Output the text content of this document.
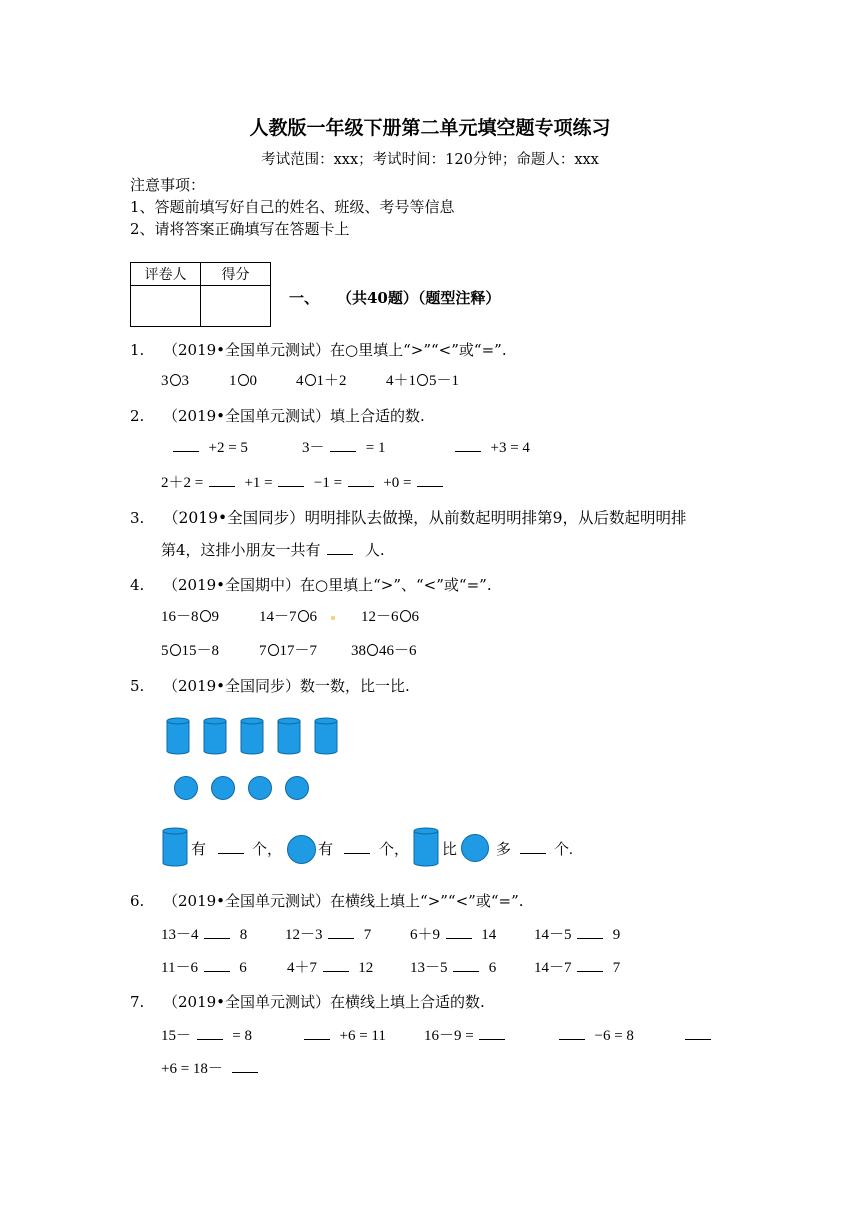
人教版一年级下册第二单元填空题专项练习
考试范围：xxx；考试时间：120分钟；命题人：xxx
注意事项：
1、答题前填写好自己的姓名、班级、考号等信息
2、请将答案正确填写在答题卡上
评卷人	得分

一、 （共40题）（题型注释）
1. （2019•全国单元测试）在○里填上“>”“<”或“=”.
3 3	1 0	4 1＋2	4＋1 5－1
2. （2019•全国单元测试）填上合适的数.
+2 = 5	3－	= 1	+3 = 4
2＋2 =	+1 =	−1 =	+0 =
3. （2019•全国同步）明明排队去做操，从前数起明明排第9，从后数起明明排
第4，这排小朋友一共有	人.
4. （2019•全国期中）在○里填上“>”、“<”或“=”.
16－8 9	14－7 6	12－6 6
5 15－8	7 17－7 38 46－6
5. （2019•全国同步）数一数，比一比.
有	个， 有	个， 比	多	个.
6. （2019•全国单元测试）在横线上填上“>”“<”或“=”.
13－4	8	12－3	7	6＋9	14	14－5	9
11－6	6	4＋7	12 13－5	6	14－7	7
7. （2019•全国单元测试）在横线上填上合适的数.
15－	= 8	+6 = 11	16－9 =	−6 = 8
+6 = 18－
